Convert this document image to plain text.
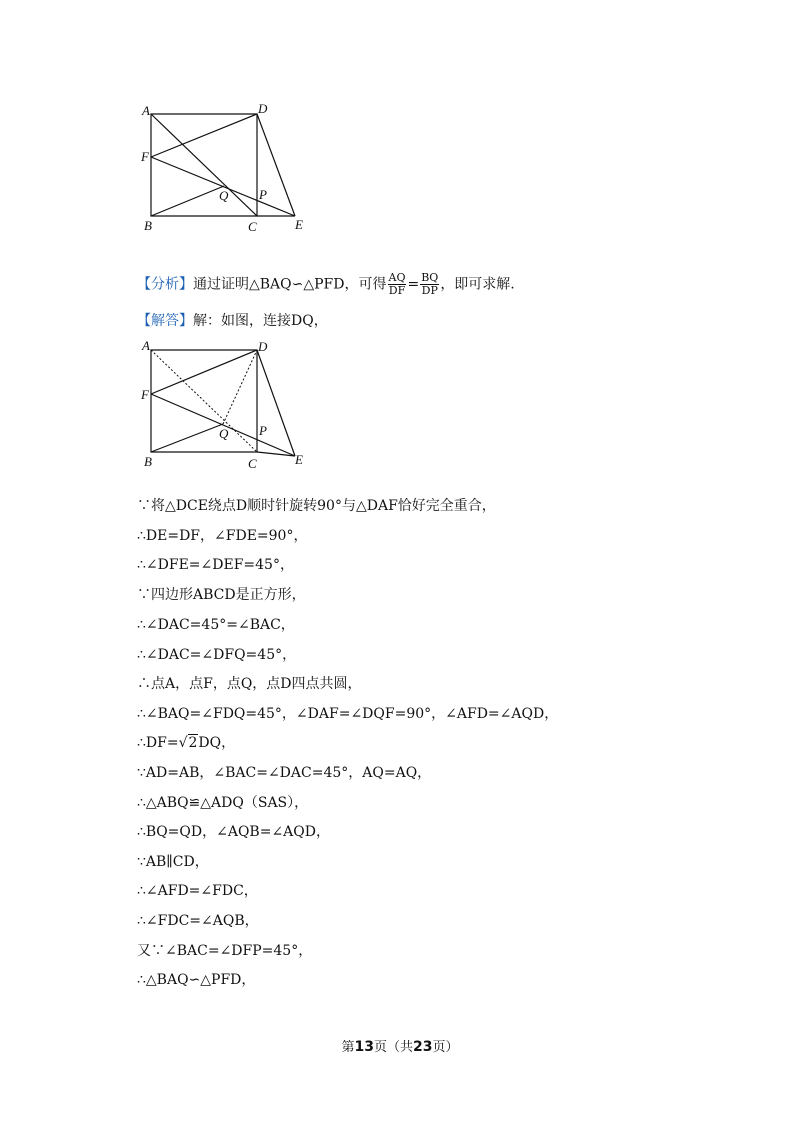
A	D
F
Q P
B	C	E
【分析】通过证明△BAQ∽△PFD，可得 $\frac{AQ}{DF} = \frac{BQ}{DP}$ ，即可求解.
【解答】解：如图，连接DQ，
A	D
F
Q P
B	C	E
∵将△DCE绕点D顺时针旋转90°与△DAF恰好完全重合，
∴DE=DF，∠FDE=90°，
∴∠DFE=∠DEF=45°，
∵四边形ABCD是正方形，
∴∠DAC=45°=∠BAC，
∴∠DAC=∠DFQ=45°，
∴点A，点F，点Q，点D四点共圆，
∴∠BAQ=∠FDQ=45°，∠DAF=∠DQF=90°，∠AFD=∠AQD，
∴DF=√2DQ，
∵AD=AB，∠BAC=∠DAC=45°，AQ=AQ，
∴△ABQ≌△ADQ（SAS），
∴BQ=QD，∠AQB=∠AQD，
∵AB∥CD，
∴∠AFD=∠FDC，
∴∠FDC=∠AQB，
又∵∠BAC=∠DFP=45°，
∴△BAQ∽△PFD，
第13页（共23页）
